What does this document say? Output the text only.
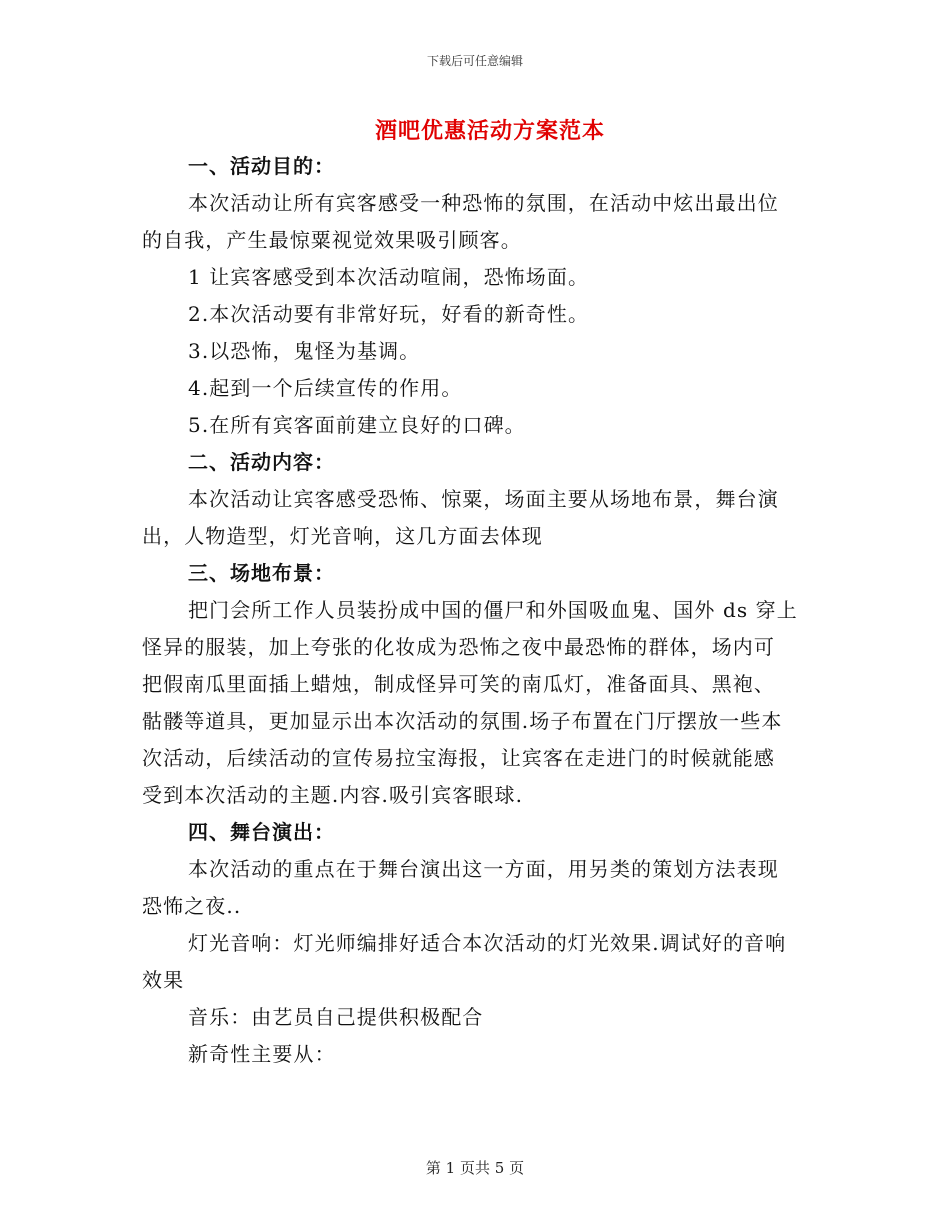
下载后可任意编辑
酒吧优惠活动方案范本
一、活动目的：
本次活动让所有宾客感受一种恐怖的氛围，在活动中炫出最出位
的自我，产生最惊粟视觉效果吸引顾客。
1 让宾客感受到本次活动喧闹，恐怖场面。
2.本次活动要有非常好玩，好看的新奇性。
3.以恐怖，鬼怪为基调。
4.起到一个后续宣传的作用。
5.在所有宾客面前建立良好的口碑。
二、活动内容：
本次活动让宾客感受恐怖、惊粟，场面主要从场地布景，舞台演
出，人物造型，灯光音响，这几方面去体现
三、场地布景：
把门会所工作人员装扮成中国的僵尸和外国吸血鬼、国外 ds 穿上
怪异的服装，加上夸张的化妆成为恐怖之夜中最恐怖的群体，场内可
把假南瓜里面插上蜡烛，制成怪异可笑的南瓜灯，准备面具、黑袍、
骷髅等道具，更加显示出本次活动的氛围.场子布置在门厅摆放一些本
次活动，后续活动的宣传易拉宝海报，让宾客在走进门的时候就能感
受到本次活动的主题.内容.吸引宾客眼球.
四、舞台演出：
本次活动的重点在于舞台演出这一方面，用另类的策划方法表现
恐怖之夜..
灯光音响：灯光师编排好适合本次活动的灯光效果.调试好的音响
效果
音乐：由艺员自己提供积极配合
新奇性主要从：
第 1 页共 5 页
